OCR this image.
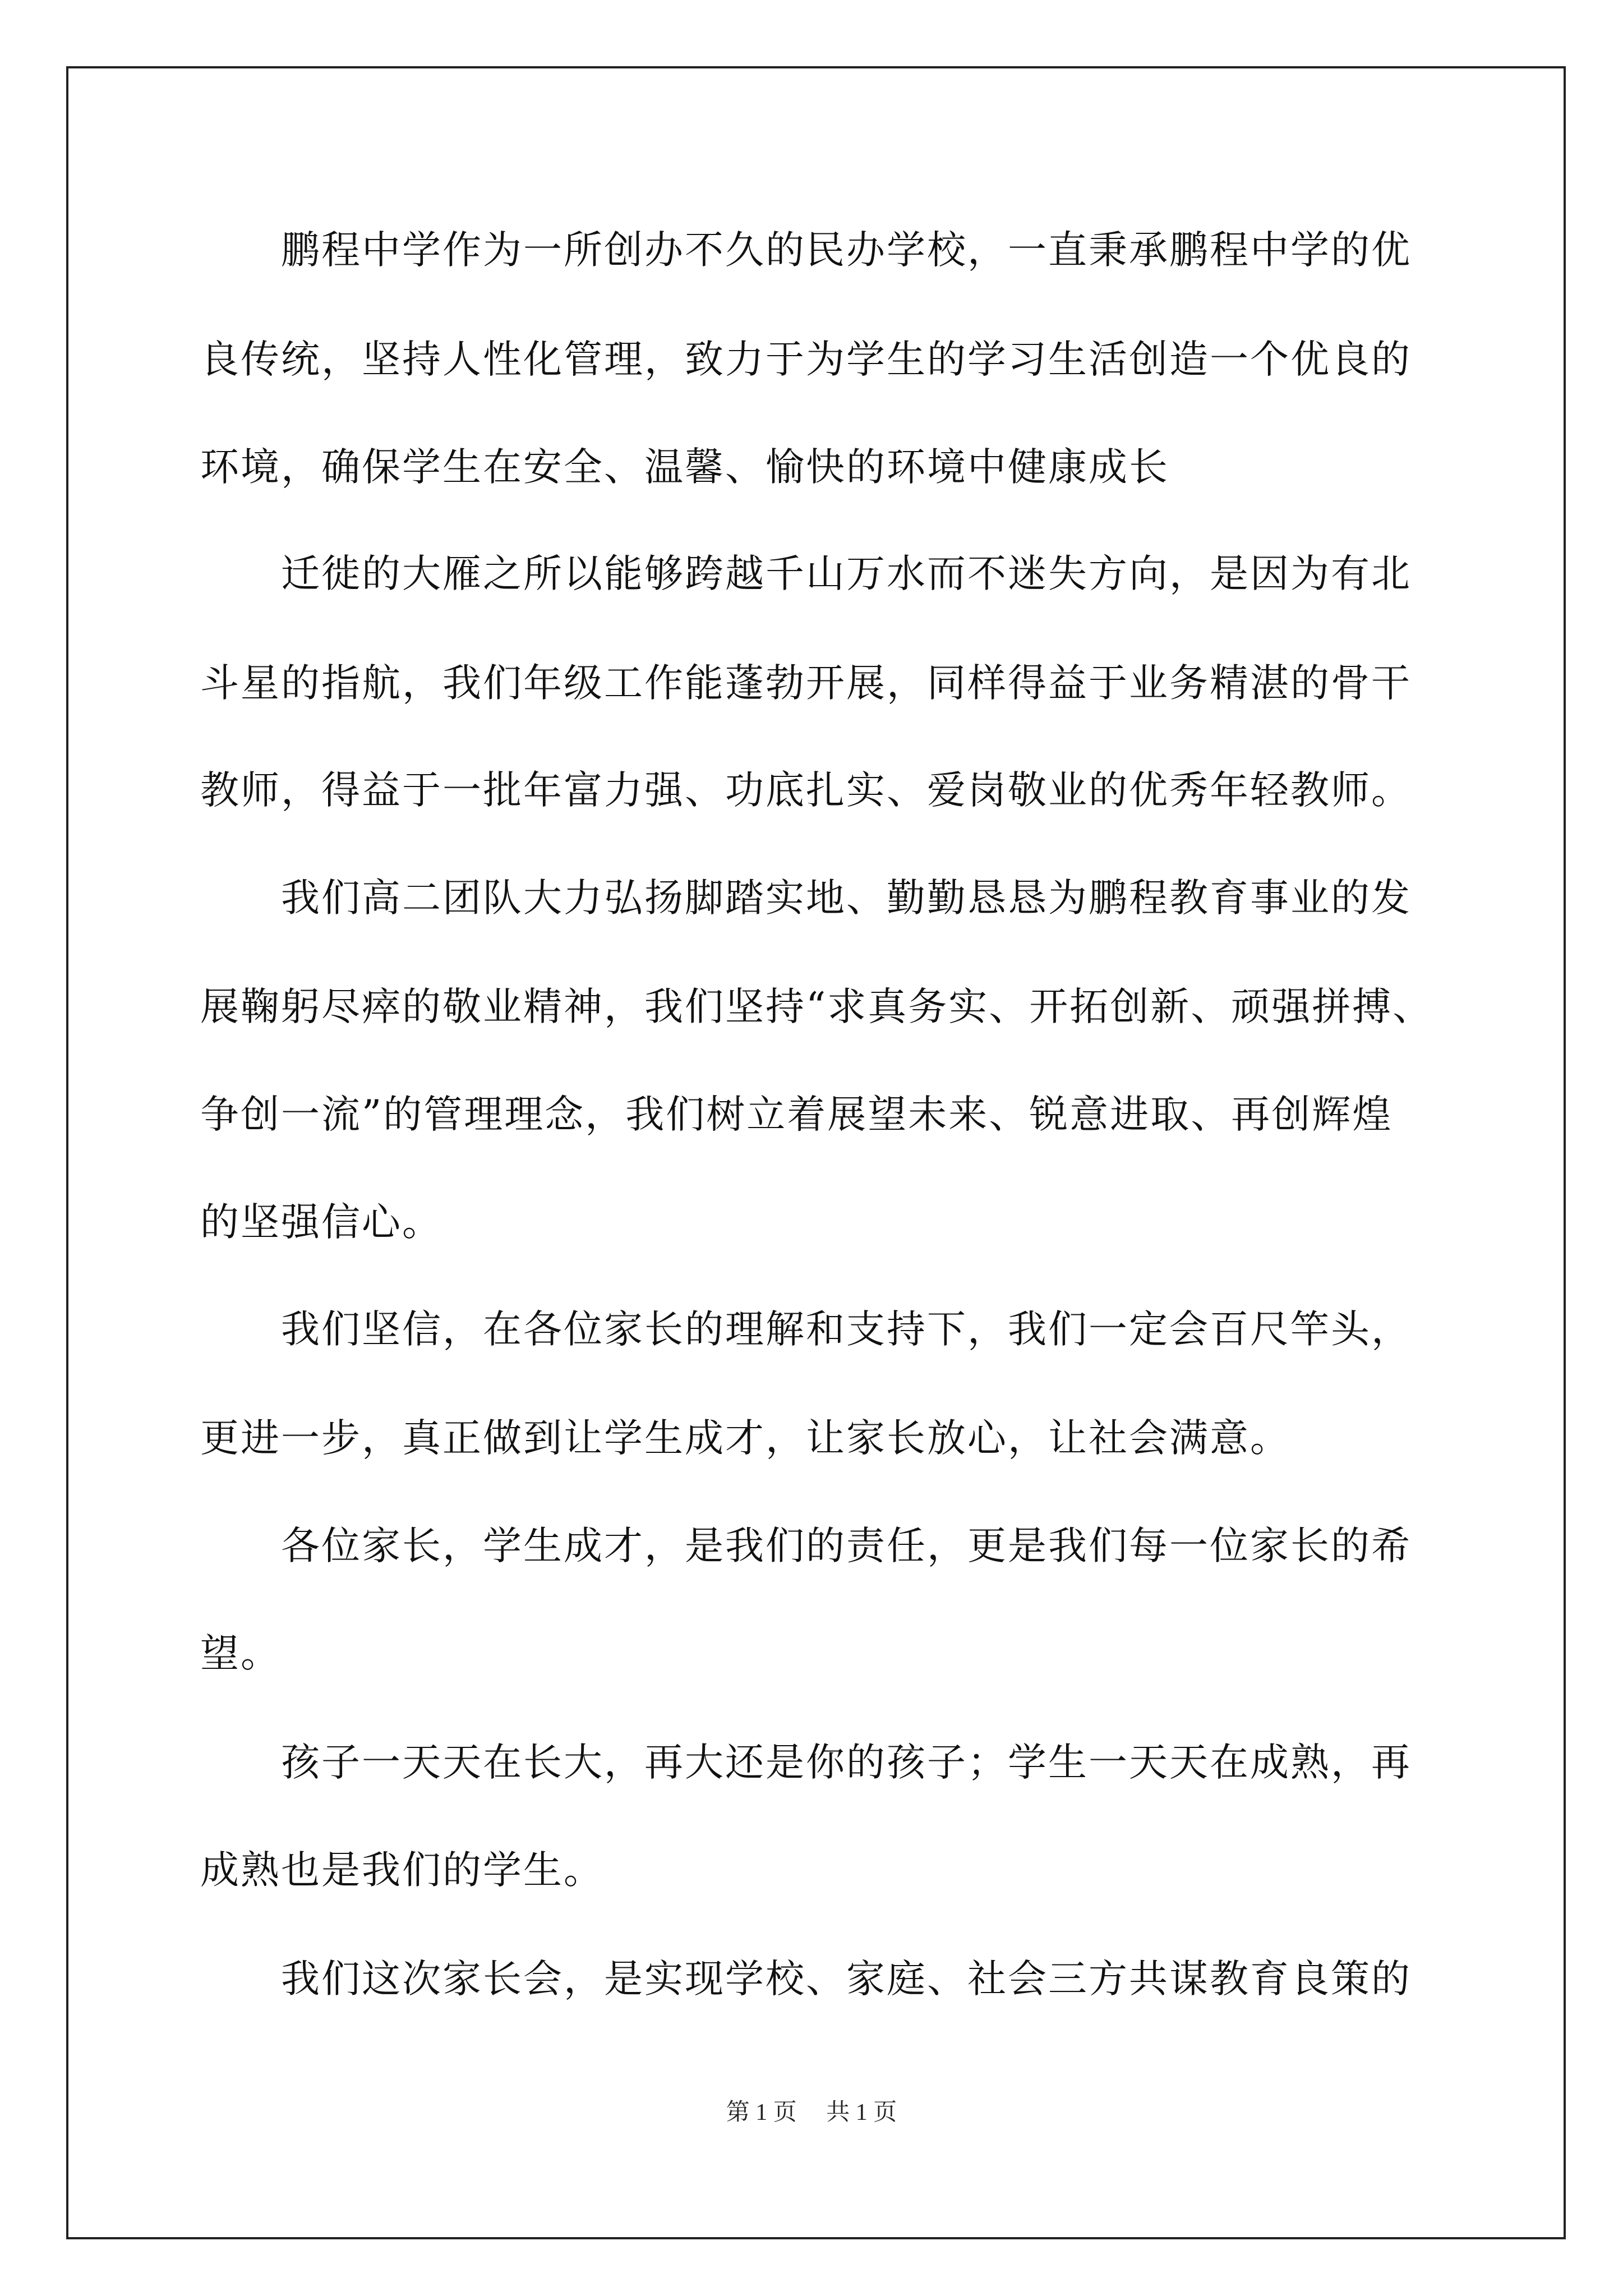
　　鹏程中学作为一所创办不久的民办学校，一直秉承鹏程中学的优
良传统，坚持人性化管理，致力于为学生的学习生活创造一个优良的
环境，确保学生在安全、温馨、愉快的环境中健康成长
　　迁徙的大雁之所以能够跨越千山万水而不迷失方向，是因为有北
斗星的指航，我们年级工作能蓬勃开展，同样得益于业务精湛的骨干
教师，得益于一批年富力强、功底扎实、爱岗敬业的优秀年轻教师。
　　我们高二团队大力弘扬脚踏实地、勤勤恳恳为鹏程教育事业的发
展鞠躬尽瘁的敬业精神，我们坚持“求真务实、开拓创新、顽强拼搏、
争创一流”的管理理念，我们树立着展望未来、锐意进取、再创辉煌
的坚强信心。
　　我们坚信，在各位家长的理解和支持下，我们一定会百尺竿头，
更进一步，真正做到让学生成才，让家长放心，让社会满意。
　　各位家长，学生成才，是我们的责任，更是我们每一位家长的希
望。
　　孩子一天天在长大，再大还是你的孩子；学生一天天在成熟，再
成熟也是我们的学生。
　　我们这次家长会，是实现学校、家庭、社会三方共谋教育良策的
第 1 页　 共 1 页
